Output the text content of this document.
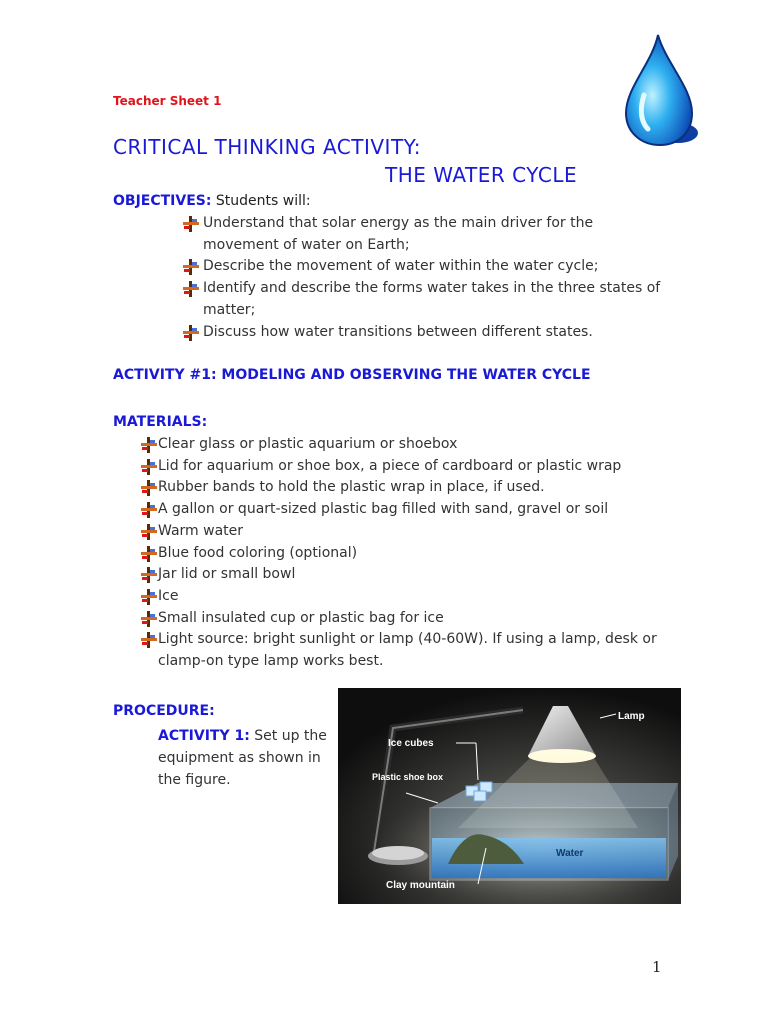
Teacher Sheet 1
CRITICAL THINKING ACTIVITY:
THE WATER CYCLE
OBJECTIVES: Students will:
Understand that solar energy as the main driver for the movement of water on Earth;
Describe the movement of water within the water cycle;
Identify and describe the forms water takes in the three states of matter;
Discuss how water transitions between different states.
ACTIVITY #1: MODELING AND OBSERVING THE WATER CYCLE
MATERIALS:
Clear glass or plastic aquarium or shoebox
Lid for aquarium or shoe box, a piece of cardboard or plastic wrap
Rubber bands to hold the plastic wrap in place, if used.
A gallon or quart-sized plastic bag filled with sand, gravel or soil
Warm water
Blue food coloring (optional)
Jar lid or small bowl
Ice
Small insulated cup or plastic bag for ice
Light source: bright sunlight or lamp (40-60W). If using a lamp, desk or clamp-on type lamp works best.
PROCEDURE:
ACTIVITY 1: Set up the equipment as shown in the figure.
Lamp
Ice cubes
Plastic shoe box
Water
Clay mountain
1
